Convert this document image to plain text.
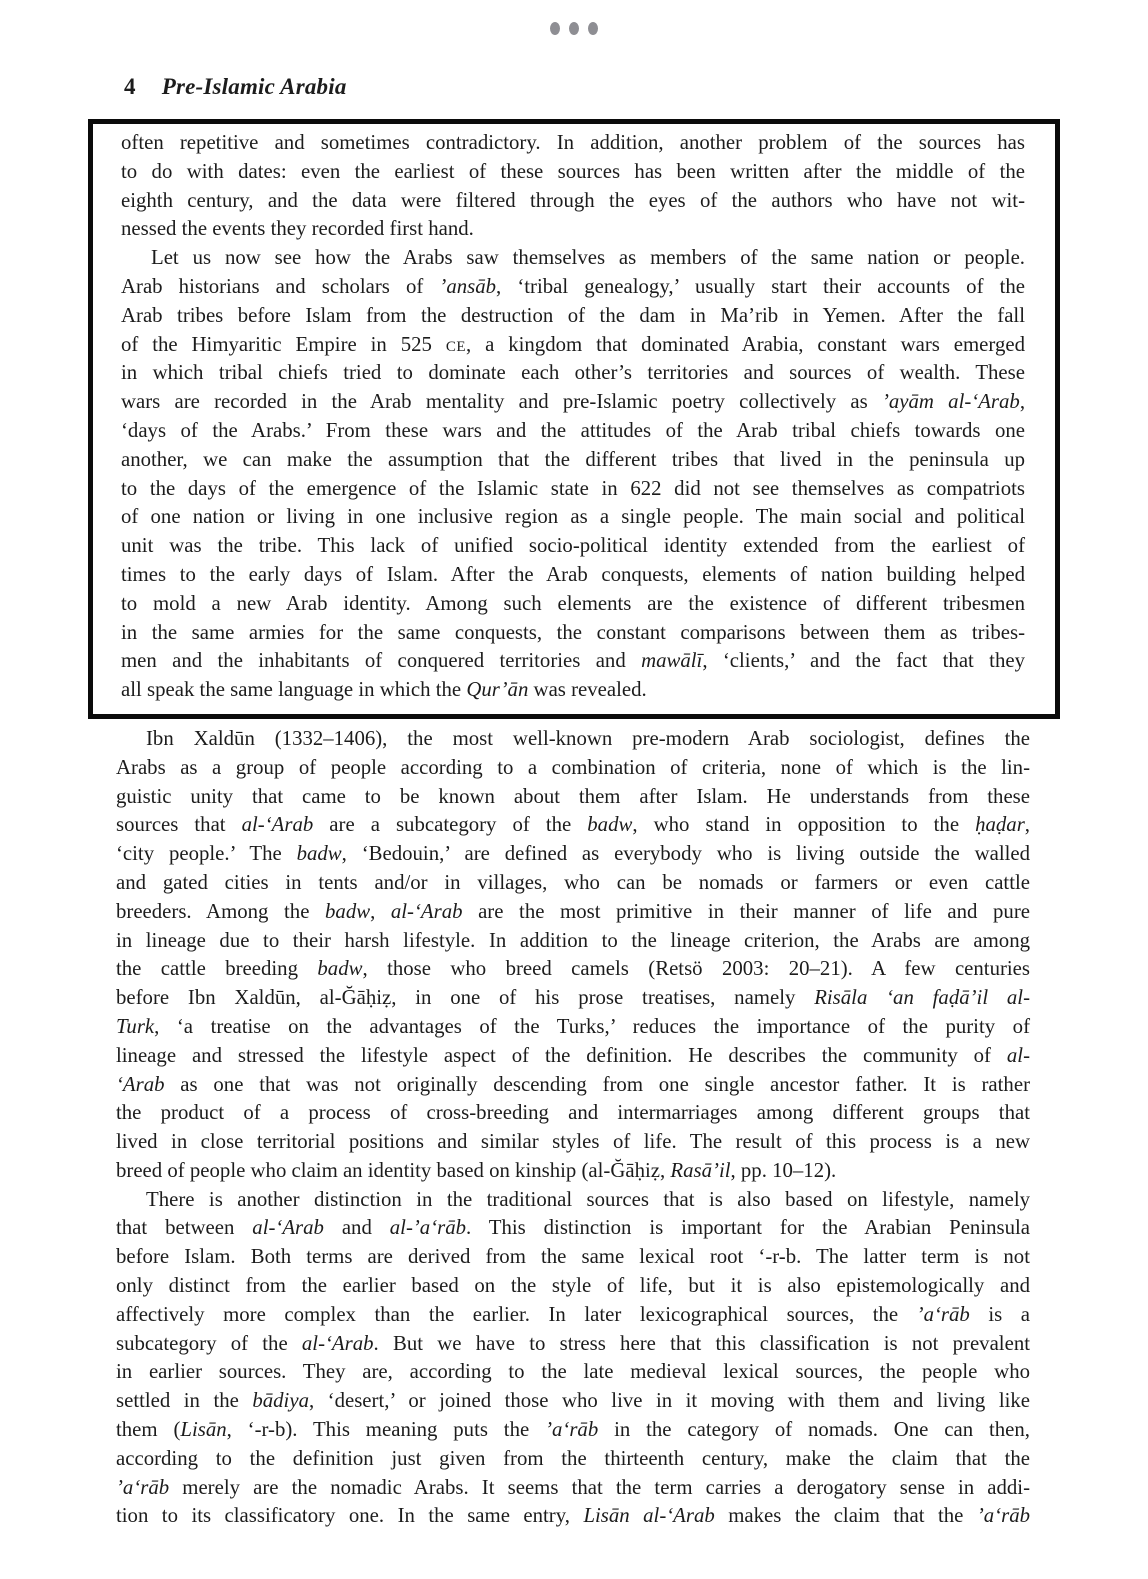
4 Pre-Islamic Arabia
often repetitive and sometimes contradictory. In addition, another problem of the sources has
to do with dates: even the earliest of these sources has been written after the middle of the
eighth century, and the data were filtered through the eyes of the authors who have not wit-
nessed the events they recorded first hand.
Let us now see how the Arabs saw themselves as members of the same nation or people.
Arab historians and scholars of ’ansāb, ‘tribal genealogy,’ usually start their accounts of the
Arab tribes before Islam from the destruction of the dam in Ma’rib in Yemen. After the fall
of the Himyaritic Empire in 525 ce, a kingdom that dominated Arabia, constant wars emerged
in which tribal chiefs tried to dominate each other’s territories and sources of wealth. These
wars are recorded in the Arab mentality and pre-Islamic poetry collectively as ’ayām al-‘Arab,
‘days of the Arabs.’ From these wars and the attitudes of the Arab tribal chiefs towards one
another, we can make the assumption that the different tribes that lived in the peninsula up
to the days of the emergence of the Islamic state in 622 did not see themselves as compatriots
of one nation or living in one inclusive region as a single people. The main social and political
unit was the tribe. This lack of unified socio-political identity extended from the earliest of
times to the early days of Islam. After the Arab conquests, elements of nation building helped
to mold a new Arab identity. Among such elements are the existence of different tribesmen
in the same armies for the same conquests, the constant comparisons between them as tribes-
men and the inhabitants of conquered territories and mawālī, ‘clients,’ and the fact that they
all speak the same language in which the Qur’ān was revealed.
Ibn Xaldūn (1332–1406), the most well-known pre-modern Arab sociologist, defines the
Arabs as a group of people according to a combination of criteria, none of which is the lin-
guistic unity that came to be known about them after Islam. He understands from these
sources that al-‘Arab are a subcategory of the badw, who stand in opposition to the ḥaḍar,
‘city people.’ The badw, ‘Bedouin,’ are defined as everybody who is living outside the walled
and gated cities in tents and/or in villages, who can be nomads or farmers or even cattle
breeders. Among the badw, al-‘Arab are the most primitive in their manner of life and pure
in lineage due to their harsh lifestyle. In addition to the lineage criterion, the Arabs are among
the cattle breeding badw, those who breed camels (Retsö 2003: 20–21). A few centuries
before Ibn Xaldūn, al-Ğāḥiẓ, in one of his prose treatises, namely Risāla ‘an faḍā’il al-
Turk, ‘a treatise on the advantages of the Turks,’ reduces the importance of the purity of
lineage and stressed the lifestyle aspect of the definition. He describes the community of al-
‘Arab as one that was not originally descending from one single ancestor father. It is rather
the product of a process of cross-breeding and intermarriages among different groups that
lived in close territorial positions and similar styles of life. The result of this process is a new
breed of people who claim an identity based on kinship (al-Ğāḥiẓ, Rasā’il, pp. 10–12).
There is another distinction in the traditional sources that is also based on lifestyle, namely
that between al-‘Arab and al-’a‘rāb. This distinction is important for the Arabian Peninsula
before Islam. Both terms are derived from the same lexical root ‘-r-b. The latter term is not
only distinct from the earlier based on the style of life, but it is also epistemologically and
affectively more complex than the earlier. In later lexicographical sources, the ’a‘rāb is a
subcategory of the al-‘Arab. But we have to stress here that this classification is not prevalent
in earlier sources. They are, according to the late medieval lexical sources, the people who
settled in the bādiya, ‘desert,’ or joined those who live in it moving with them and living like
them (Lisān, ‘-r-b). This meaning puts the ’a‘rāb in the category of nomads. One can then,
according to the definition just given from the thirteenth century, make the claim that the
’a‘rāb merely are the nomadic Arabs. It seems that the term carries a derogatory sense in addi-
tion to its classificatory one. In the same entry, Lisān al-‘Arab makes the claim that the ’a‘rāb
